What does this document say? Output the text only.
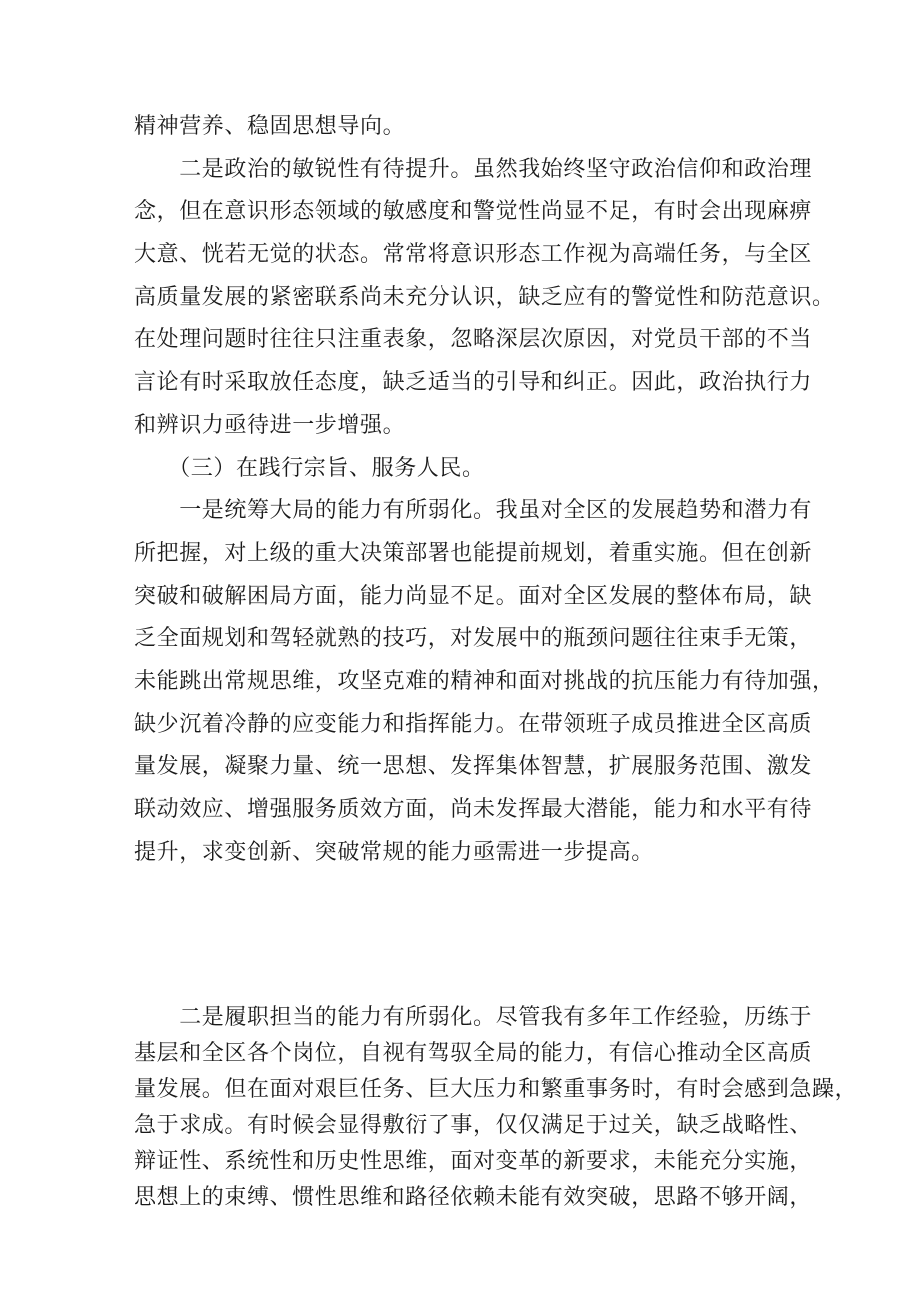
精神营养、稳固思想导向。
　　二是政治的敏锐性有待提升。虽然我始终坚守政治信仰和政治理
念，但在意识形态领域的敏感度和警觉性尚显不足，有时会出现麻痹
大意、恍若无觉的状态。常常将意识形态工作视为高端任务，与全区
高质量发展的紧密联系尚未充分认识，缺乏应有的警觉性和防范意识。
在处理问题时往往只注重表象，忽略深层次原因，对党员干部的不当
言论有时采取放任态度，缺乏适当的引导和纠正。因此，政治执行力
和辨识力亟待进一步增强。
　　（三）在践行宗旨、服务人民。
　　一是统筹大局的能力有所弱化。我虽对全区的发展趋势和潜力有
所把握，对上级的重大决策部署也能提前规划，着重实施。但在创新
突破和破解困局方面，能力尚显不足。面对全区发展的整体布局，缺
乏全面规划和驾轻就熟的技巧，对发展中的瓶颈问题往往束手无策，
未能跳出常规思维，攻坚克难的精神和面对挑战的抗压能力有待加强，
缺少沉着冷静的应变能力和指挥能力。在带领班子成员推进全区高质
量发展，凝聚力量、统一思想、发挥集体智慧，扩展服务范围、激发
联动效应、增强服务质效方面，尚未发挥最大潜能，能力和水平有待
提升，求变创新、突破常规的能力亟需进一步提高。
　　二是履职担当的能力有所弱化。尽管我有多年工作经验，历练于
基层和全区各个岗位，自视有驾驭全局的能力，有信心推动全区高质
量发展。但在面对艰巨任务、巨大压力和繁重事务时，有时会感到急躁，
急于求成。有时候会显得敷衍了事，仅仅满足于过关，缺乏战略性、
辩证性、系统性和历史性思维，面对变革的新要求，未能充分实施，
思想上的束缚、惯性思维和路径依赖未能有效突破，思路不够开阔，
